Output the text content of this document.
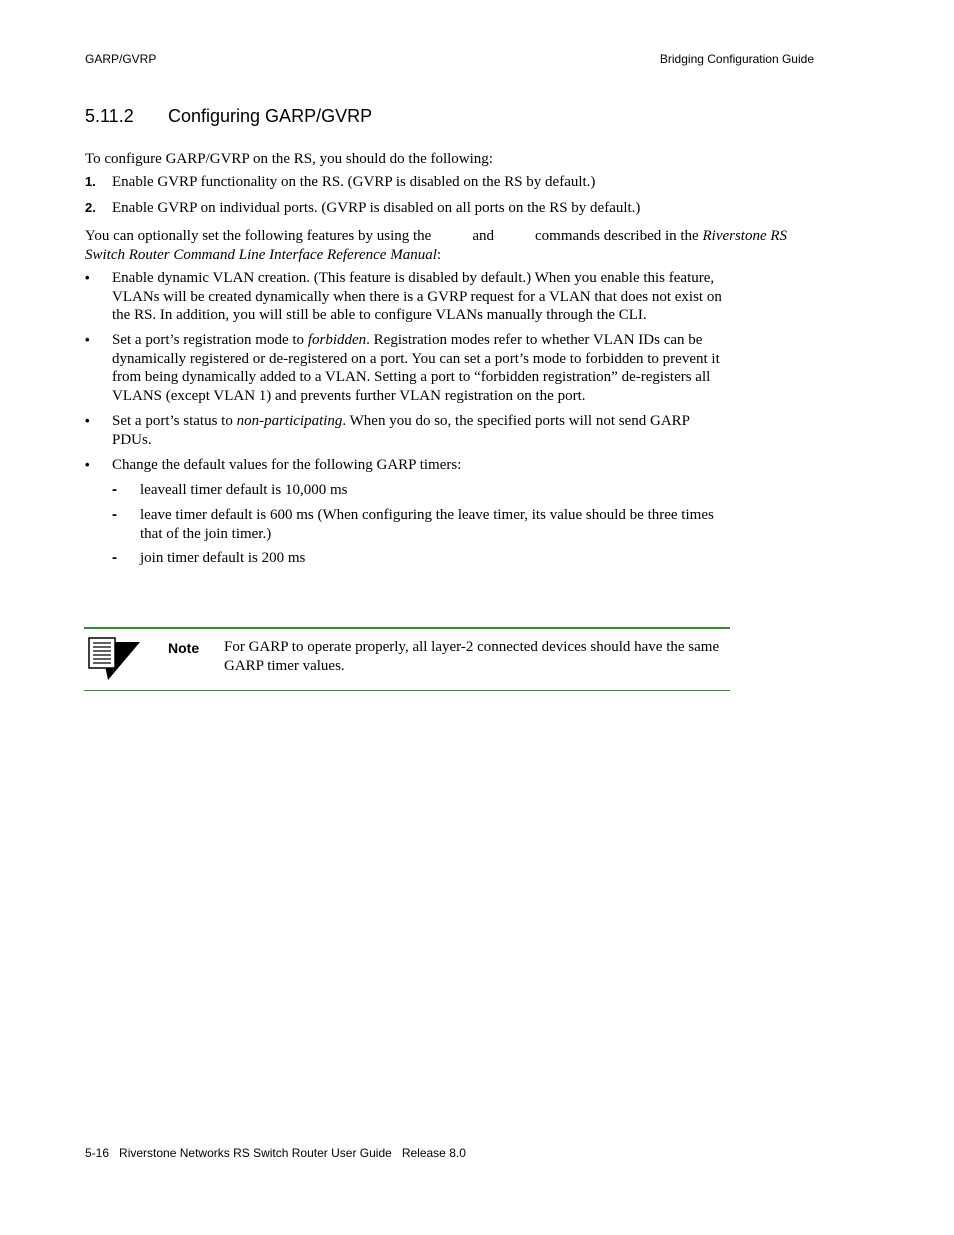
GARP/GVRP	Bridging Configuration Guide
5.11.2 Configuring GARP/GVRP
To configure GARP/GVRP on the RS, you should do the following:
1. Enable GVRP functionality on the RS. (GVRP is disabled on the RS by default.)
2. Enable GVRP on individual ports. (GVRP is disabled on all ports on the RS by default.)
You can optionally set the following features by using the	and	commands described in the Riverstone RS Switch Router Command Line Interface Reference Manual:
• Enable dynamic VLAN creation. (This feature is disabled by default.) When you enable this feature, VLANs will be created dynamically when there is a GVRP request for a VLAN that does not exist on the RS. In addition, you will still be able to configure VLANs manually through the CLI.
• Set a port’s registration mode to forbidden. Registration modes refer to whether VLAN IDs can be dynamically registered or de-registered on a port. You can set a port’s mode to forbidden to prevent it from being dynamically added to a VLAN. Setting a port to “forbidden registration” de-registers all VLANS (except VLAN 1) and prevents further VLAN registration on the port.
• Set a port’s status to non-participating. When you do so, the specified ports will not send GARP PDUs.
• Change the default values for the following GARP timers:
- leaveall timer default is 10,000 ms
- leave timer default is 600 ms (When configuring the leave timer, its value should be three times that of the join timer.)
- join timer default is 200 ms
Note For GARP to operate properly, all layer-2 connected devices should have the same GARP timer values.
5-16 Riverstone Networks RS Switch Router User Guide Release 8.0
